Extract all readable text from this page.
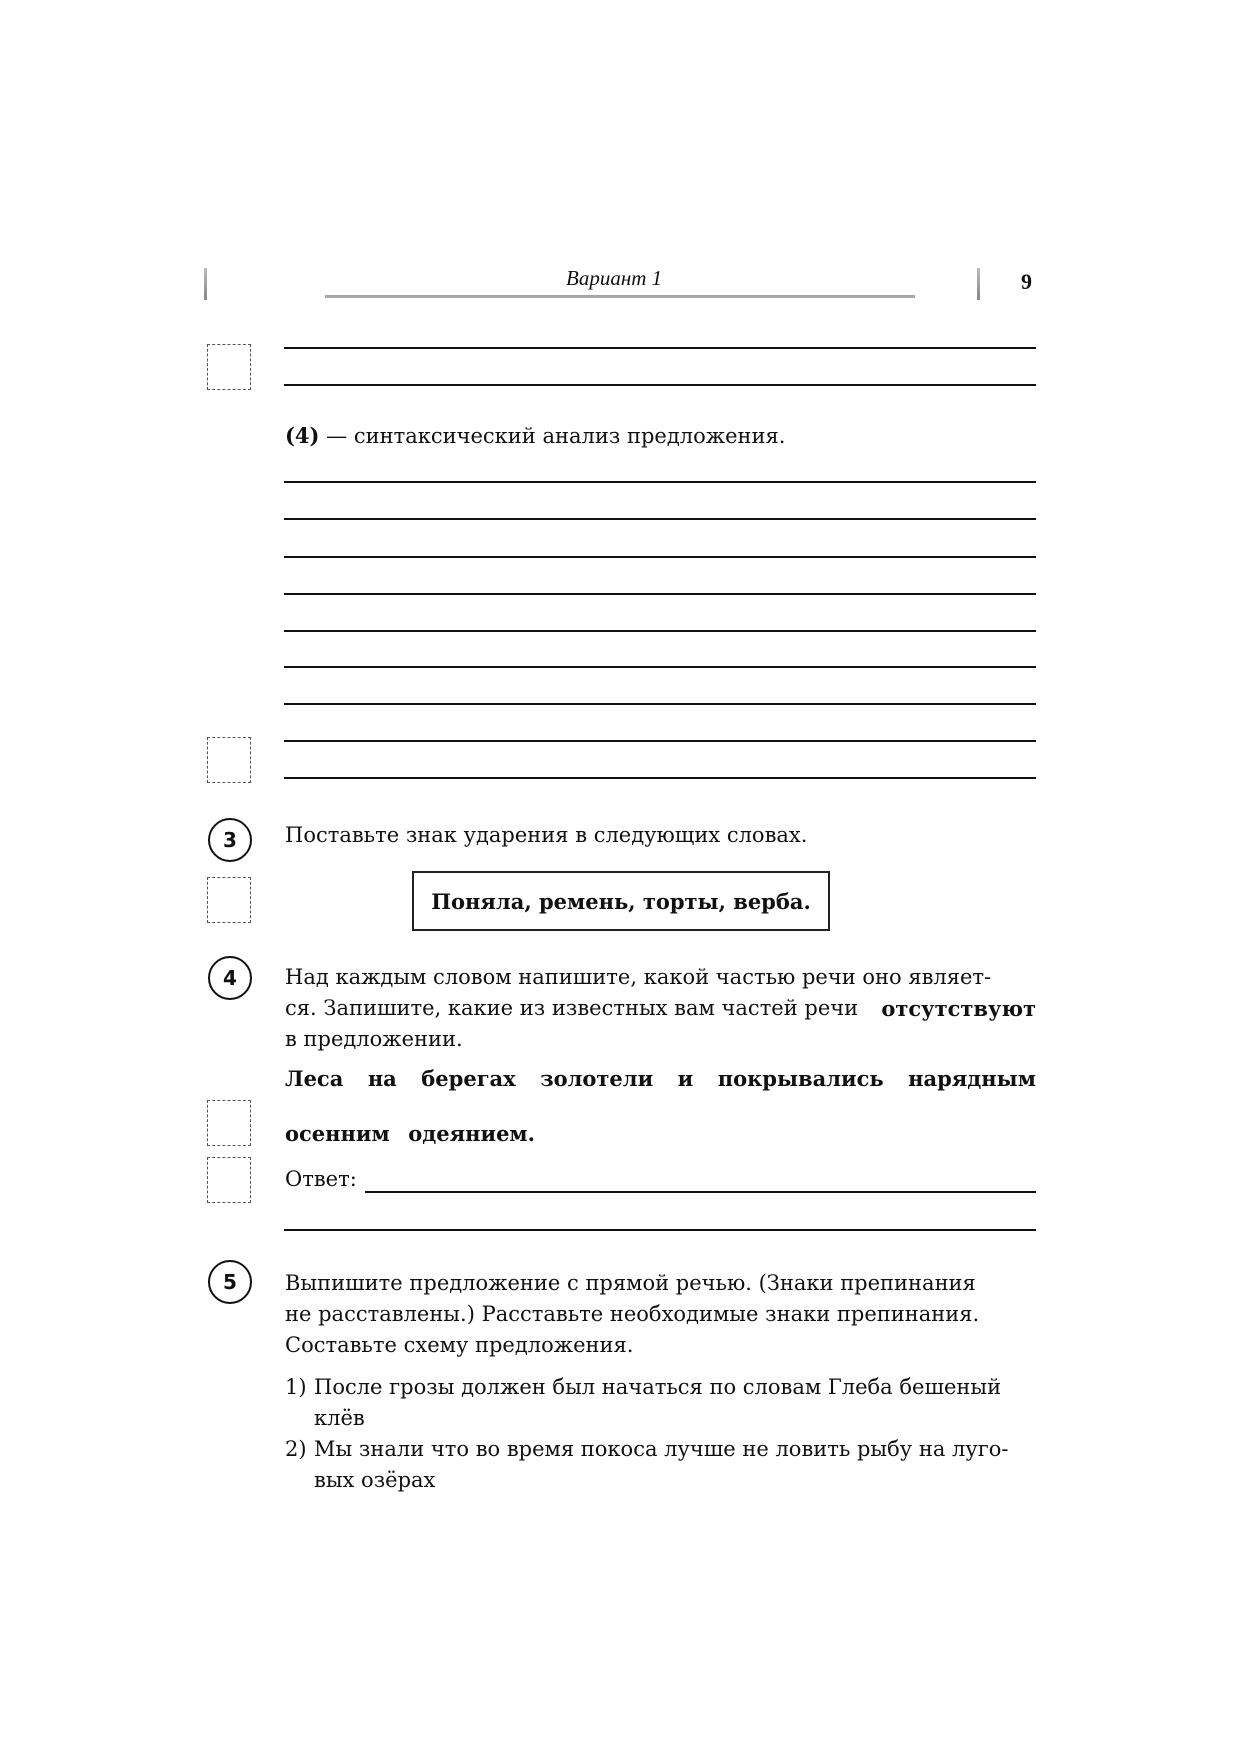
Вариант 1	9
(4) — синтаксический анализ предложения.
3	Поставьте знак ударения в следующих словах.
Поняла, ремень, торты, верба.
4	Над каждым словом напишите, какой частью речи оно являет-
ся. Запишите, какие из известных вам частей речи отсутствуют
в предложении.
Леса на берегах золотели и покрывались нарядным
осенним одеянием.
Ответ:
5	Выпишите предложение с прямой речью. (Знаки препинания
не расставлены.) Расставьте необходимые знаки препинания.
Составьте схему предложения.
1) После грозы должен был начаться по словам Глеба бешеный
клёв
2) Мы знали что во время покоса лучше не ловить рыбу на луго-
вых озёрах
